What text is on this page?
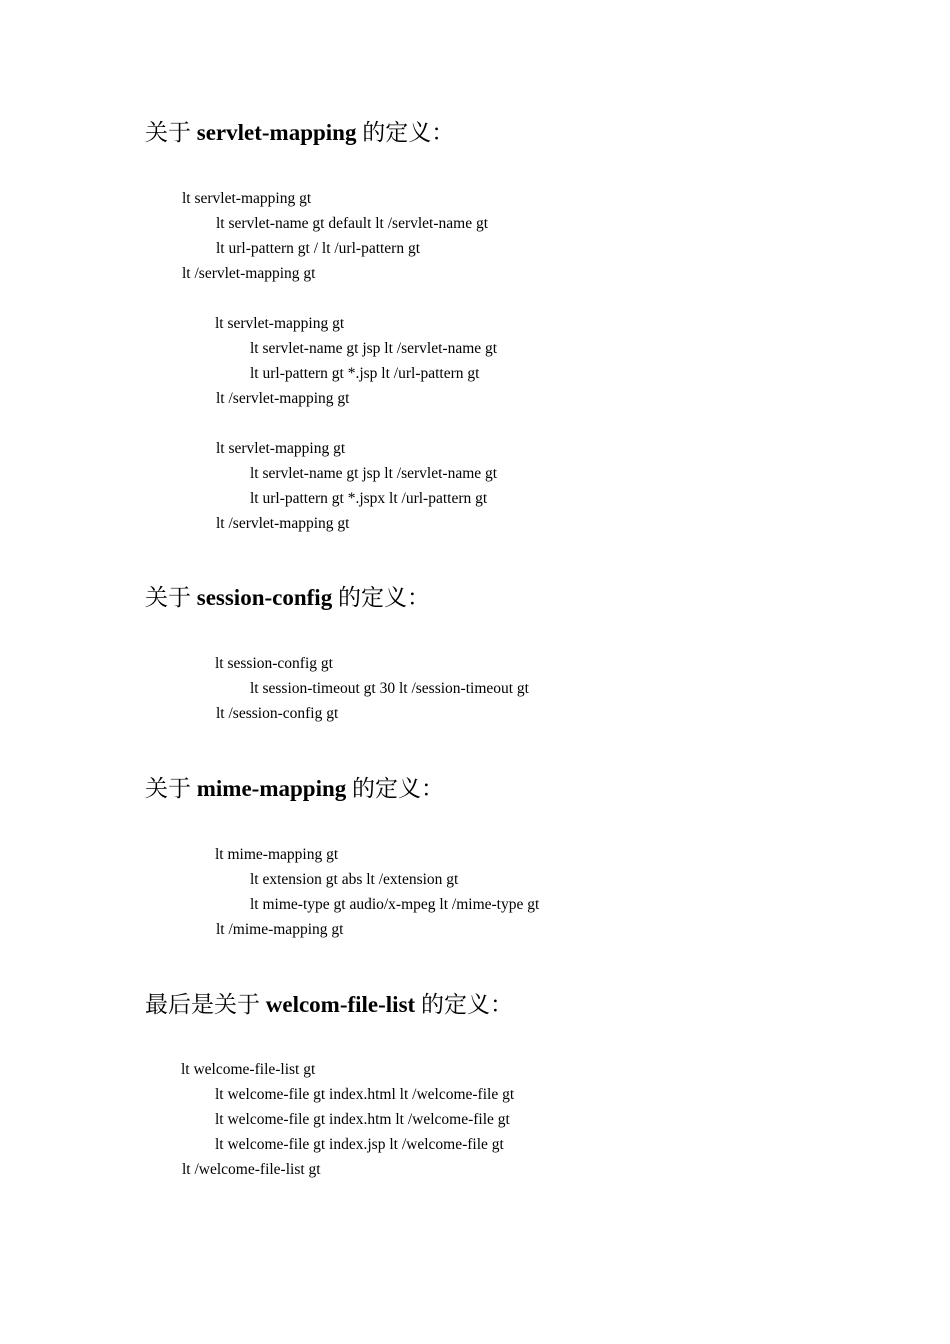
关于 servlet-mapping 的定义：
lt servlet-mapping gt
lt servlet-name gt default lt /servlet-name gt
lt url-pattern gt / lt /url-pattern gt
lt /servlet-mapping gt
lt servlet-mapping gt
lt servlet-name gt jsp lt /servlet-name gt
lt url-pattern gt *.jsp lt /url-pattern gt
lt /servlet-mapping gt
lt servlet-mapping gt
lt servlet-name gt jsp lt /servlet-name gt
lt url-pattern gt *.jspx lt /url-pattern gt
lt /servlet-mapping gt
关于 session-config 的定义：
lt session-config gt
lt session-timeout gt 30 lt /session-timeout gt
lt /session-config gt
关于 mime-mapping 的定义：
lt mime-mapping gt
lt extension gt abs lt /extension gt
lt mime-type gt audio/x-mpeg lt /mime-type gt
lt /mime-mapping gt
最后是关于 welcom-file-list 的定义：
lt welcome-file-list gt
lt welcome-file gt index.html lt /welcome-file gt
lt welcome-file gt index.htm lt /welcome-file gt
lt welcome-file gt index.jsp lt /welcome-file gt
lt /welcome-file-list gt
